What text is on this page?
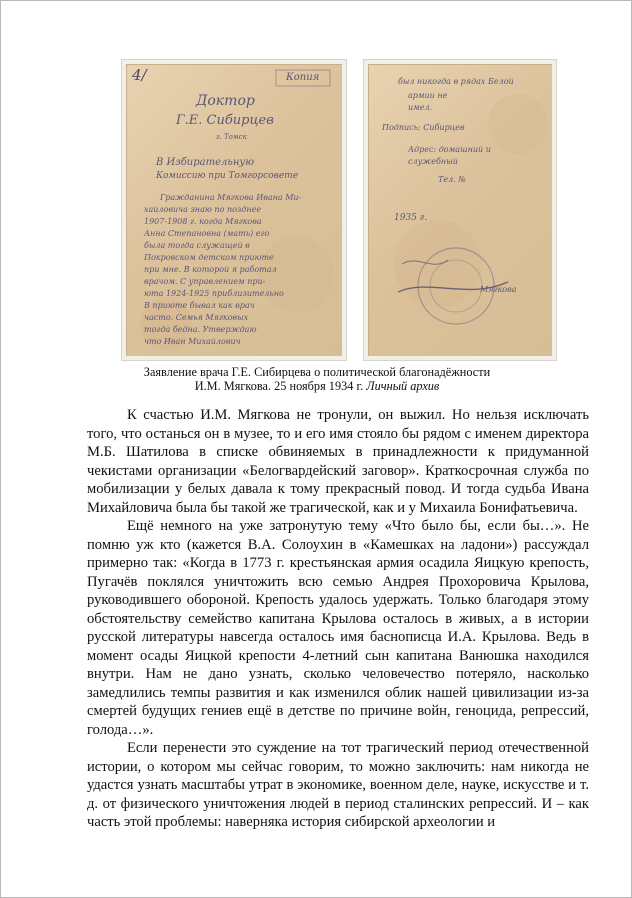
Копия
4/
Доктор
Г.Е. Сибирцев
г. Томск
В Избирательную
Комиссию при Томгорсовете
Гражданина Мягкова Ивана Ми-
хайловича знаю по позднее
1907-1908 г. когда Мягкова
Анна Степановна (мать) его
была тогда служащей в
Покровском детском приюте
при мне. В которой я работал
врачом. С управлением при-
юта 1924-1925 приблизительно
В приюте бывал как врач
часто. Семья Мягковых
тогда бедна. Утверждаю
что Иван Михайлович
был никогда в рядах Белой
армии не
имел.
Подпись: Сибирцев
Адрес: домашний и
служебный
Тел. №
1935 г.
Мягкова
Заявление врача Г.Е. Сибирцева о политической благонадёжности
И.М. Мягкова. 25 ноября 1934 г. Личный архив

К счастью И.М. Мягкова не тронули, он выжил. Но нельзя исключать того, что останься он в музее, то и его имя стояло бы рядом с именем директора М.Б. Шатилова в списке обвиняемых в принадлежности к придуманной чекистами организации «Белогвардейский заговор». Краткосрочная служба по мобилизации у белых давала к тому прекрасный повод. И тогда судьба Ивана Михайловича была бы такой же трагической, как и у Михаила Бонифатьевича.

Ещё немного на уже затронутую тему «Что было бы, если бы…». Не помню уж кто (кажется В.А. Солоухин в «Камешках на ладони») рассуждал примерно так: «Когда в 1773 г. крестьянская армия осадила Яицкую крепость, Пугачёв поклялся уничтожить всю семью Андрея Прохоровича Крылова, руководившего обороной. Крепость удалось удержать. Только благодаря этому обстоятельству семейство капитана Крылова осталось в живых, а в истории русской литературы навсегда осталось имя баснописца И.А. Крылова. Ведь в момент осады Яицкой крепости 4-летний сын капитана Ванюшка находился внутри. Нам не дано узнать, сколько человечество потеряло, насколько замедлились темпы развития и как изменился облик нашей цивилизации из-за смертей будущих гениев ещё в детстве по причине войн, геноцида, репрессий, голода…».

Если перенести это суждение на тот трагический период отечественной истории, о котором мы сейчас говорим, то можно заключить: нам никогда не удастся узнать масштабы утрат в экономике, военном деле, науке, искусстве и т. д. от физического уничтожения людей в период сталинских репрессий. И – как часть этой проблемы: наверняка история сибирской археологии и
